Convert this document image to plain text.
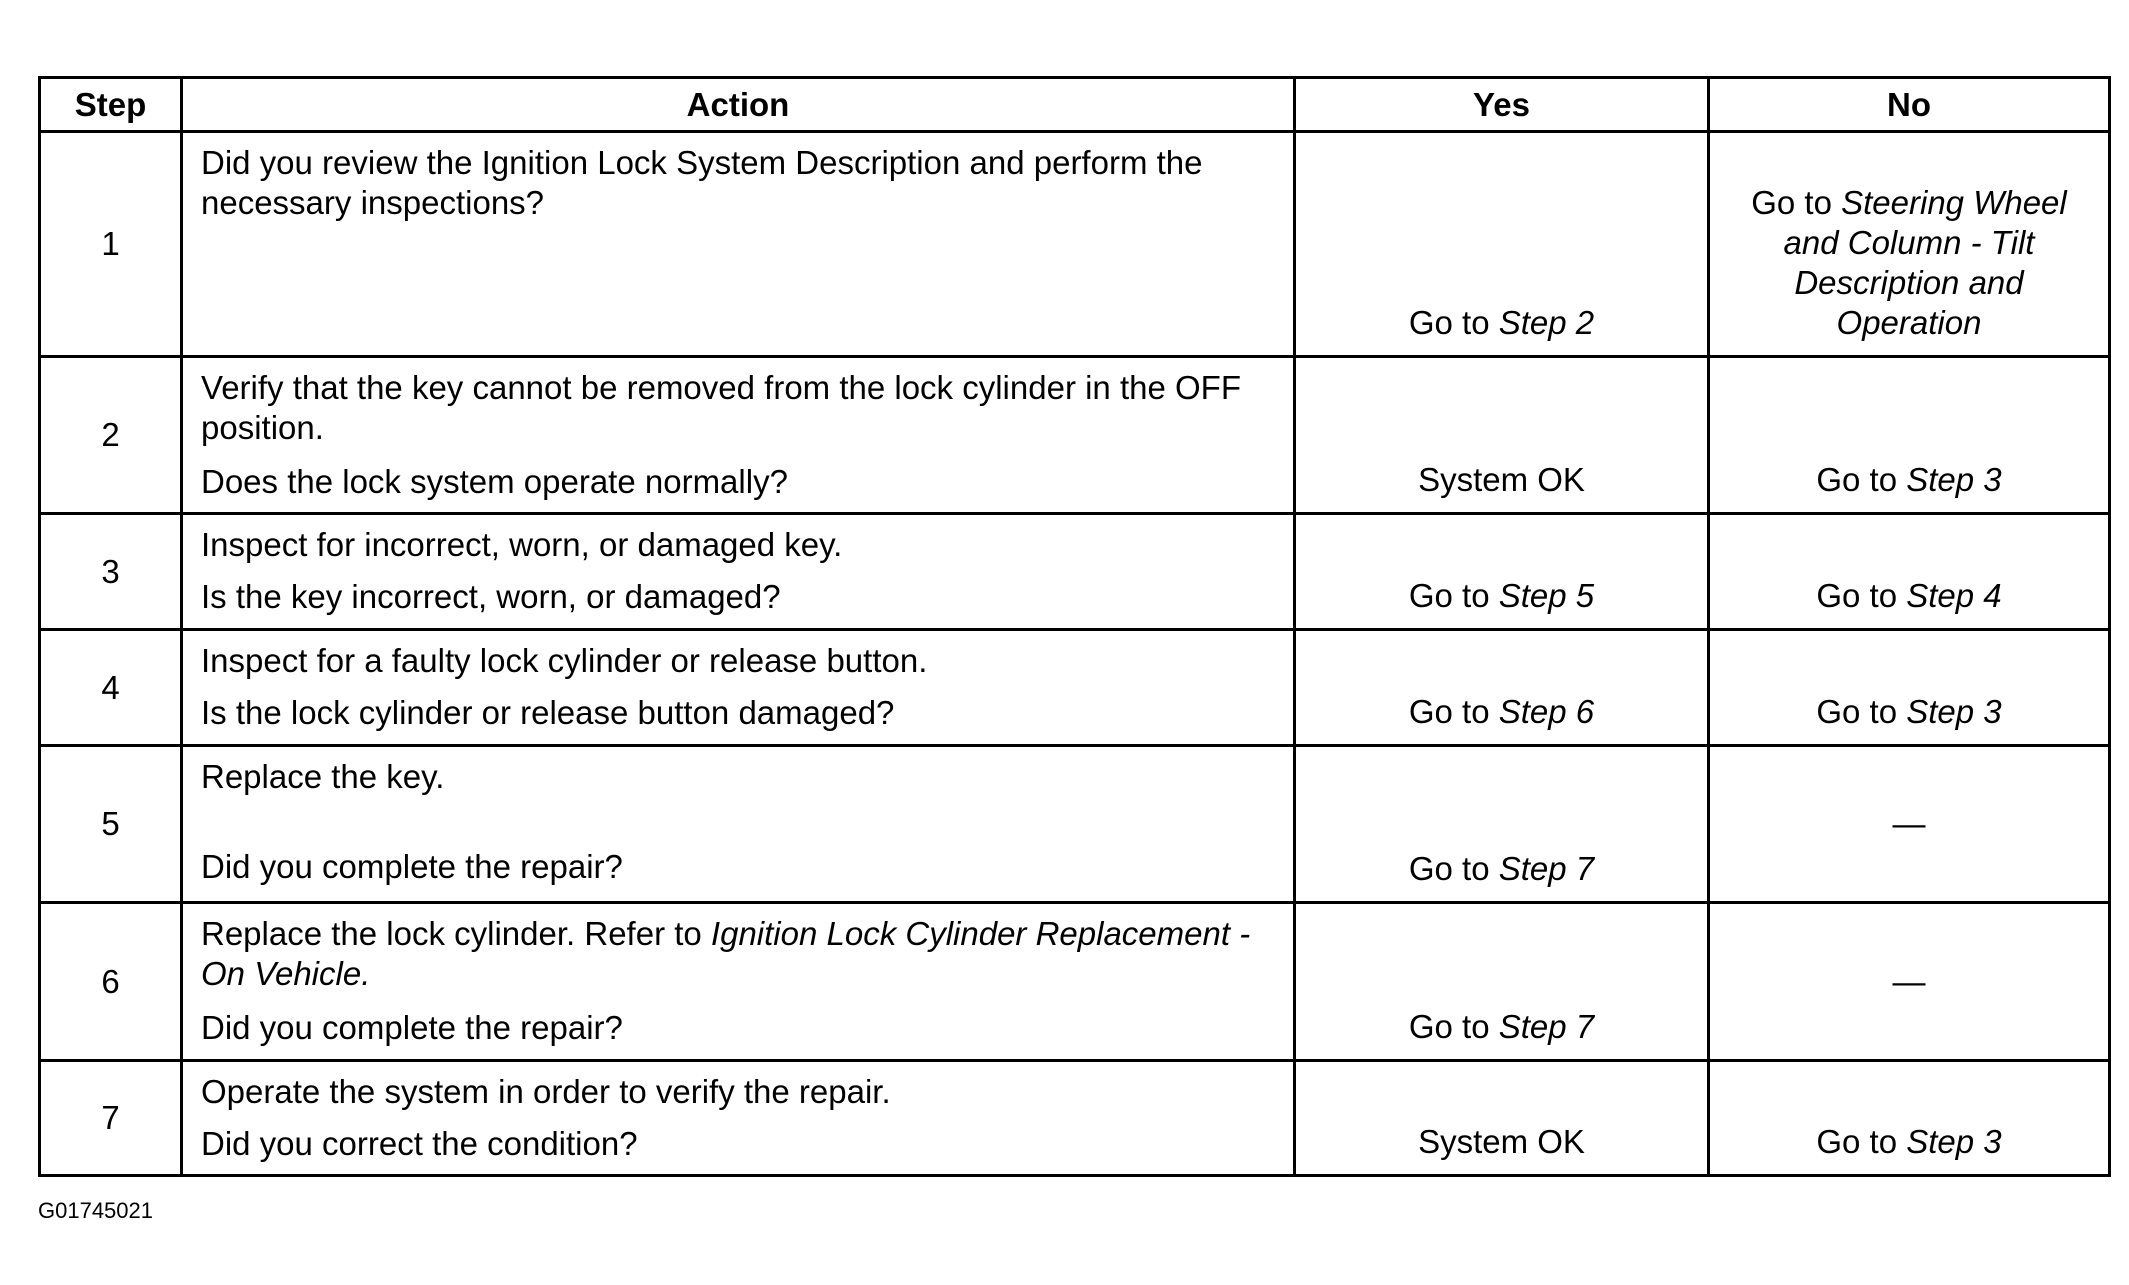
Step	Action	Yes	No
1	Did you review the Ignition Lock System Description and perform the necessary inspections?	Go to Step 2	Go to Steering Wheel and Column - Tilt Description and Operation

2	Verify that the key cannot be removed from the lock cylinder in the OFF position.
Does the lock system operate normally?	System OK	Go to Step 3
3	Inspect for incorrect, worn, or damaged key.
Is the key incorrect, worn, or damaged?	Go to Step 5	Go to Step 4
4	Inspect for a faulty lock cylinder or release button.
Is the lock cylinder or release button damaged?	Go to Step 6	Go to Step 3
5	Replace the key.
Did you complete the repair?	Go to Step 7	—
6	Replace the lock cylinder. Refer to Ignition Lock Cylinder Replacement - On Vehicle.
Did you complete the repair?	Go to Step 7	—
7	Operate the system in order to verify the repair.
Did you correct the condition?	System OK	Go to Step 3
G01745021
